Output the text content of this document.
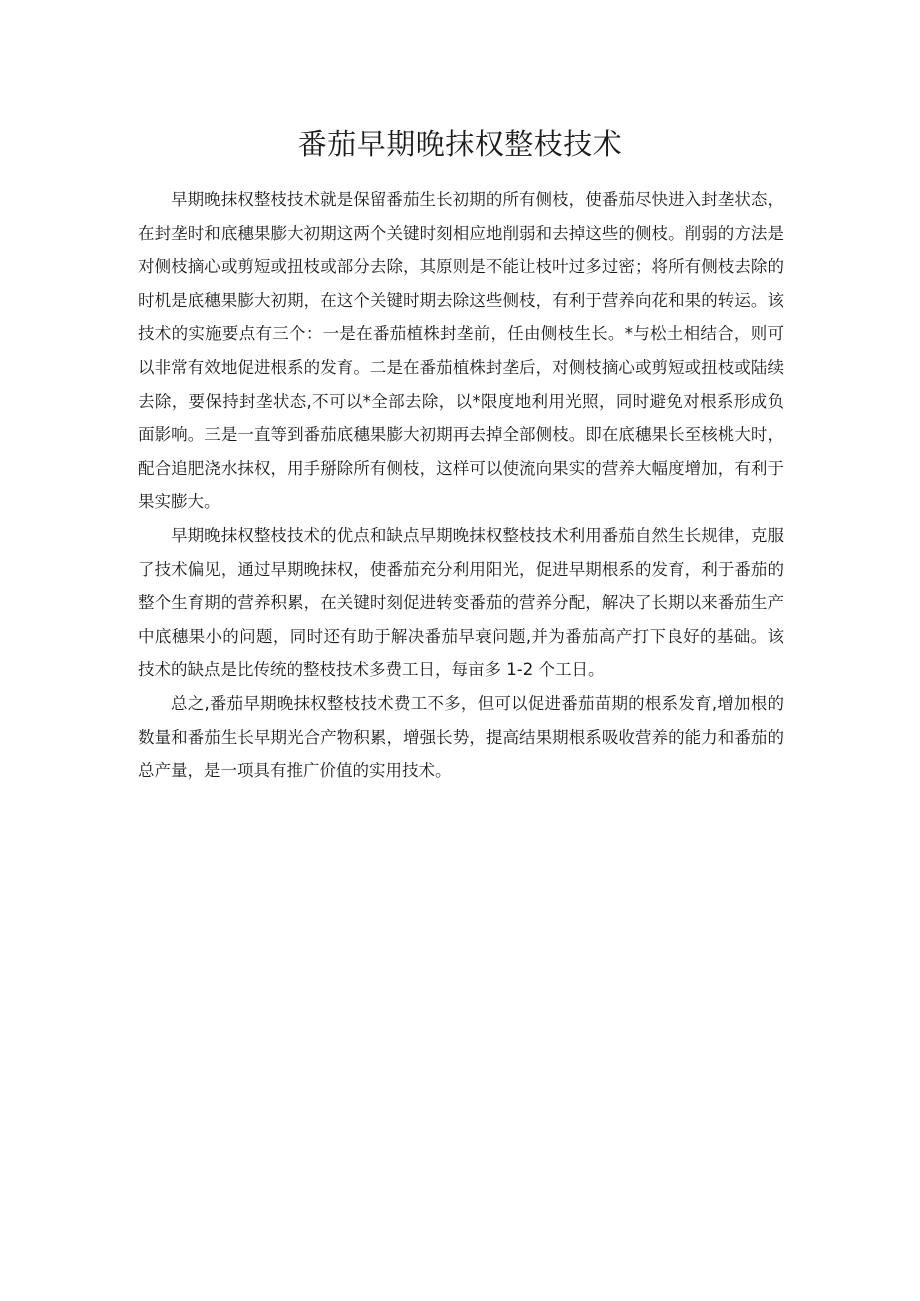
番茄早期晚抹权整枝技术

早期晚抹权整枝技术就是保留番茄生长初期的所有侧枝，使番茄尽快进入封垄状态，在封垄时和底穗果膨大初期这两个关键时刻相应地削弱和去掉这些的侧枝。削弱的方法是对侧枝摘心或剪短或扭枝或部分去除，其原则是不能让枝叶过多过密；将所有侧枝去除的时机是底穗果膨大初期，在这个关键时期去除这些侧枝，有利于营养向花和果的转运。该技术的实施要点有三个：一是在番茄植株封垄前，任由侧枝生长。*与松土相结合，则可以非常有效地促进根系的发育。二是在番茄植株封垄后，对侧枝摘心或剪短或扭枝或陆续去除，要保持封垄状态,不可以*全部去除，以*限度地利用光照，同时避免对根系形成负面影响。三是一直等到番茄底穗果膨大初期再去掉全部侧枝。即在底穗果长至核桃大时，配合追肥浇水抹权，用手掰除所有侧枝，这样可以使流向果实的营养大幅度增加，有利于果实膨大。

早期晚抹权整枝技术的优点和缺点早期晚抹权整枝技术利用番茄自然生长规律，克服了技术偏见，通过早期晚抹权，使番茄充分利用阳光，促进早期根系的发育，利于番茄的整个生育期的营养积累，在关键时刻促进转变番茄的营养分配，解决了长期以来番茄生产中底穗果小的问题，同时还有助于解决番茄早衰问题,并为番茄高产打下良好的基础。该技术的缺点是比传统的整枝技术多费工日，每亩多 1-2 个工日。

总之,番茄早期晚抹权整枝技术费工不多，但可以促进番茄苗期的根系发育,增加根的数量和番茄生长早期光合产物积累，增强长势，提高结果期根系吸收营养的能力和番茄的总产量，是一项具有推广价值的实用技术。
